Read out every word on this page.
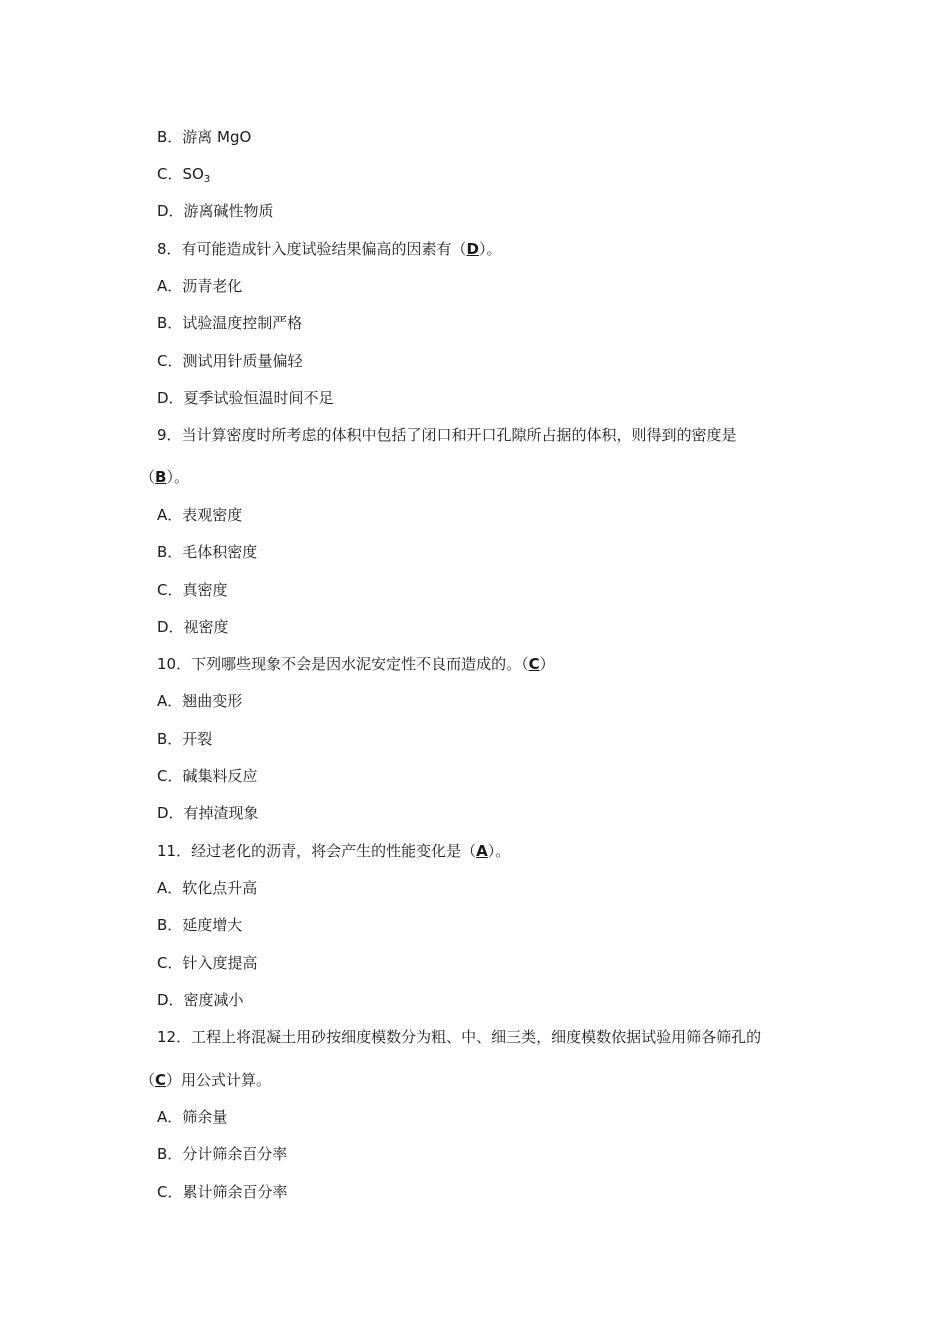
B．游离 MgO
C．$SO_3$
D．游离碱性物质
8．有可能造成针入度试验结果偏高的因素有（D）。
A．沥青老化
B．试验温度控制严格
C．测试用针质量偏轻
D．夏季试验恒温时间不足
9．当计算密度时所考虑的体积中包括了闭口和开口孔隙所占据的体积，则得到的密度是
（B）。
A．表观密度
B．毛体积密度
C．真密度
D．视密度
10．下列哪些现象不会是因水泥安定性不良而造成的。（C）
A．翘曲变形
B．开裂
C．碱集料反应
D．有掉渣现象
11．经过老化的沥青，将会产生的性能变化是（A）。
A．软化点升高
B．延度增大
C．针入度提高
D．密度减小
12．工程上将混凝土用砂按细度模数分为粗、中、细三类，细度模数依据试验用筛各筛孔的
（C）用公式计算。
A．筛余量
B．分计筛余百分率
C．累计筛余百分率
